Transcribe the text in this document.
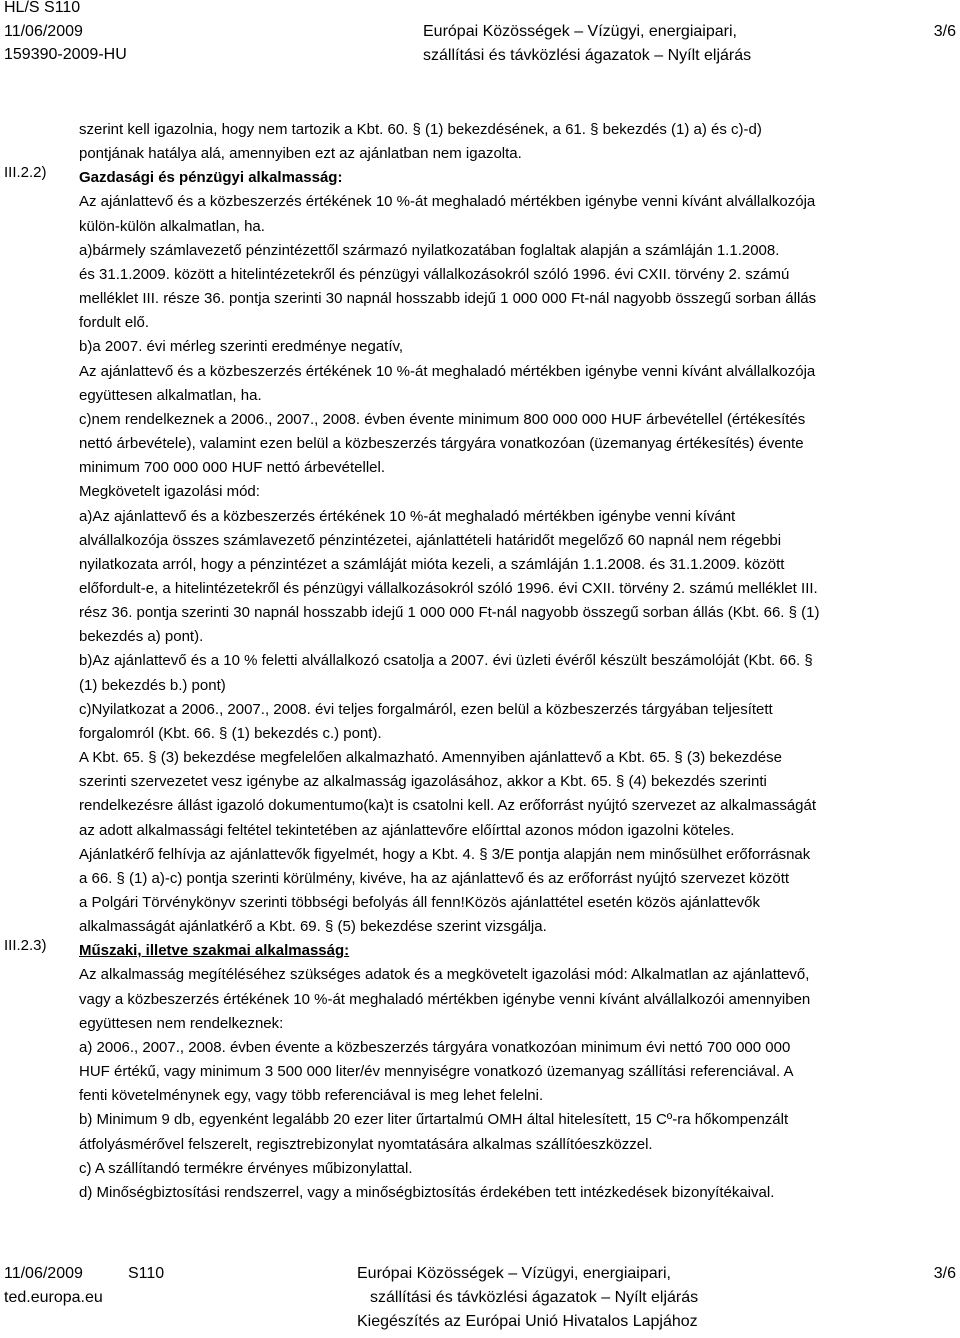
HL/S S110
11/06/2009
159390-2009-HU
Európai Közösségek – Vízügyi, energiaipari,
szállítási és távközlési ágazatok – Nyílt eljárás
3/6

szerint kell igazolnia, hogy nem tartozik a Kbt. 60. § (1) bekezdésének, a 61. § bekezdés (1) a) és c)-d)

pontjának hatálya alá, amennyiben ezt az ajánlatban nem igazolta.

Gazdasági és pénzügyi alkalmasság:

Az ajánlattevő és a közbeszerzés értékének 10 %-át meghaladó mértékben igénybe venni kívánt alvállalkozója

külön-külön alkalmatlan, ha.

a)bármely számlavezető pénzintézettől származó nyilatkozatában foglaltak alapján a számláján 1.1.2008.

és 31.1.2009. között a hitelintézetekről és pénzügyi vállalkozásokról szóló 1996. évi CXII. törvény 2. számú

melléklet III. része 36. pontja szerinti 30 napnál hosszabb idejű 1 000 000 Ft-nál nagyobb összegű sorban állás

fordult elő.

b)a 2007. évi mérleg szerinti eredménye negatív,

Az ajánlattevő és a közbeszerzés értékének 10 %-át meghaladó mértékben igénybe venni kívánt alvállalkozója

együttesen alkalmatlan, ha.

c)nem rendelkeznek a 2006., 2007., 2008. évben évente minimum 800 000 000 HUF árbevétellel (értékesítés

nettó árbevétele), valamint ezen belül a közbeszerzés tárgyára vonatkozóan (üzemanyag értékesítés) évente

minimum 700 000 000 HUF nettó árbevétellel.

Megkövetelt igazolási mód:

a)Az ajánlattevő és a közbeszerzés értékének 10 %-át meghaladó mértékben igénybe venni kívánt

alvállalkozója összes számlavezető pénzintézetei, ajánlattételi határidőt megelőző 60 napnál nem régebbi

nyilatkozata arról, hogy a pénzintézet a számláját mióta kezeli, a számláján 1.1.2008. és 31.1.2009. között

előfordult-e, a hitelintézetekről és pénzügyi vállalkozásokról szóló 1996. évi CXII. törvény 2. számú melléklet III.

rész 36. pontja szerinti 30 napnál hosszabb idejű 1 000 000 Ft-nál nagyobb összegű sorban állás (Kbt. 66. § (1)

bekezdés a) pont).

b)Az ajánlattevő és a 10 % feletti alvállalkozó csatolja a 2007. évi üzleti évéről készült beszámolóját (Kbt. 66. §

(1) bekezdés b.) pont)

c)Nyilatkozat a 2006., 2007., 2008. évi teljes forgalmáról, ezen belül a közbeszerzés tárgyában teljesített

forgalomról (Kbt. 66. § (1) bekezdés c.) pont).

A Kbt. 65. § (3) bekezdése megfelelően alkalmazható. Amennyiben ajánlattevő a Kbt. 65. § (3) bekezdése

szerinti szervezetet vesz igénybe az alkalmasság igazolásához, akkor a Kbt. 65. § (4) bekezdés szerinti

rendelkezésre állást igazoló dokumentumo(ka)t is csatolni kell. Az erőforrást nyújtó szervezet az alkalmasságát

az adott alkalmassági feltétel tekintetében az ajánlattevőre előírttal azonos módon igazolni köteles.

Ajánlatkérő felhívja az ajánlattevők figyelmét, hogy a Kbt. 4. § 3/E pontja alapján nem minősülhet erőforrásnak

a 66. § (1) a)-c) pontja szerinti körülmény, kivéve, ha az ajánlattevő és az erőforrást nyújtó szervezet között

a Polgári Törvénykönyv szerinti többségi befolyás áll fenn!Közös ajánlattétel esetén közös ajánlattevők

alkalmasságát ajánlatkérő a Kbt. 69. § (5) bekezdése szerint vizsgálja.

Műszaki, illetve szakmai alkalmasság:

Az alkalmasság megítéléséhez szükséges adatok és a megkövetelt igazolási mód: Alkalmatlan az ajánlattevő,

vagy a közbeszerzés értékének 10 %-át meghaladó mértékben igénybe venni kívánt alvállalkozói amennyiben

együttesen nem rendelkeznek:

a) 2006., 2007., 2008. évben évente a közbeszerzés tárgyára vonatkozóan minimum évi nettó 700 000 000

HUF értékű, vagy minimum 3 500 000 liter/év mennyiségre vonatkozó üzemanyag szállítási referenciával. A

fenti követelménynek egy, vagy több referenciával is meg lehet felelni.

b) Minimum 9 db, egyenként legalább 20 ezer liter űrtartalmú OMH által hitelesített, 15 Cº-ra hőkompenzált

átfolyásmérővel felszerelt, regisztrebizonylat nyomtatására alkalmas szállítóeszközzel.

c) A szállítandó termékre érvényes műbizonylattal.

d) Minőségbiztosítási rendszerrel, vagy a minőségbiztosítás érdekében tett intézkedések bizonyítékaival.

III.2.2)
III.2.3)
11/06/2009	S110
ted.europa.eu
Európai Közösségek – Vízügyi, energiaipari,
szállítási és távközlési ágazatok – Nyílt eljárás
Kiegészítés az Európai Unió Hivatalos Lapjához
3/6
